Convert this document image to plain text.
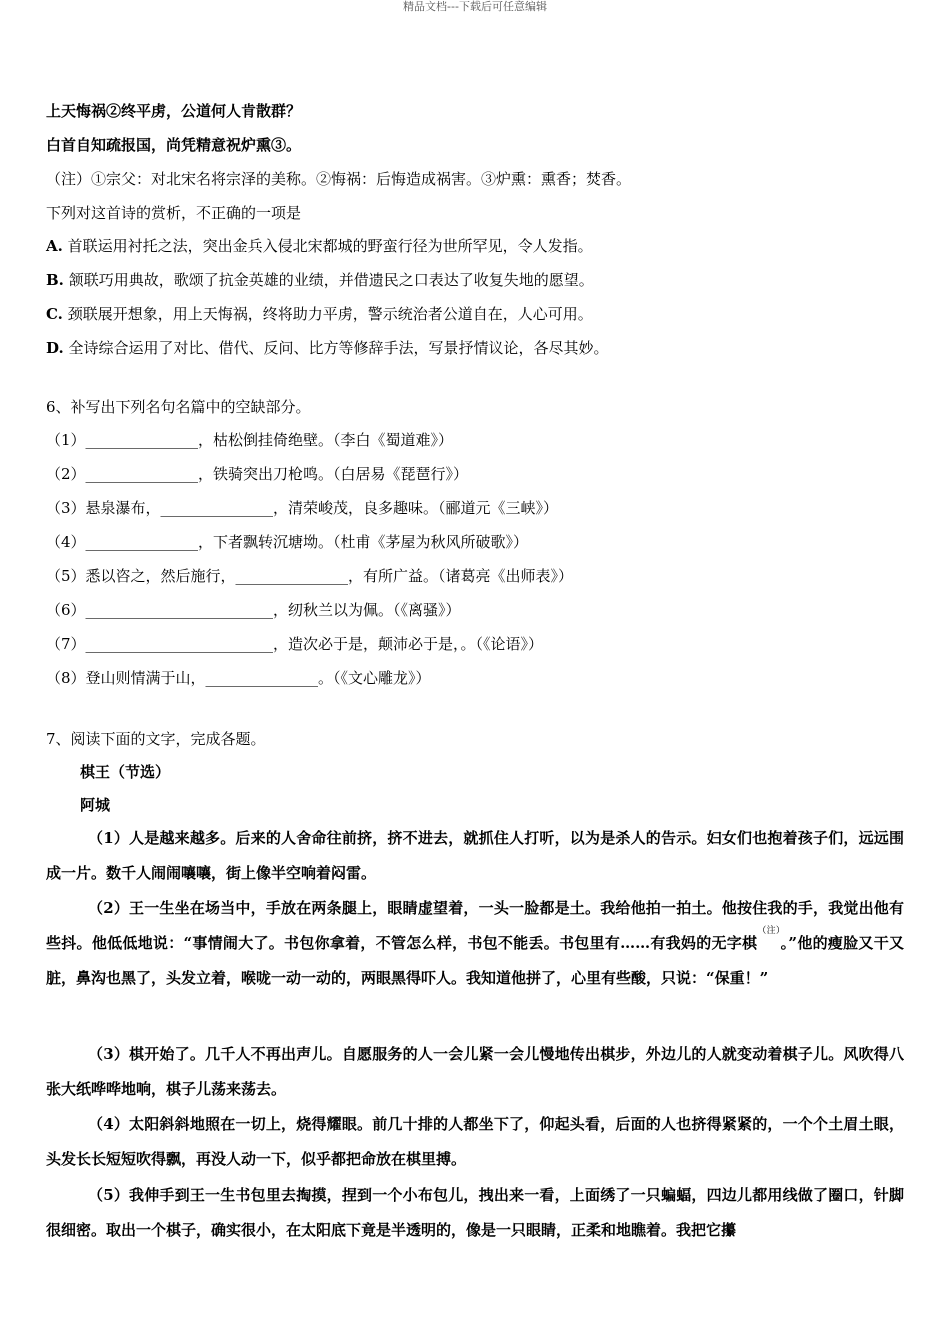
精品文档---下载后可任意编辑
上天悔祸②终平虏，公道何人肯散群？
白首自知疏报国，尚凭精意祝炉熏③。
（注）①宗父：对北宋名将宗泽的美称。②悔祸：后悔造成祸害。③炉熏：熏香；焚香。
下列对这首诗的赏析，不正确的一项是
A. 首联运用衬托之法，突出金兵入侵北宋都城的野蛮行径为世所罕见，令人发指。
B. 颔联巧用典故，歌颂了抗金英雄的业绩，并借遗民之口表达了收复失地的愿望。
C. 颈联展开想象，用上天悔祸，终将助力平虏，警示统治者公道自在，人心可用。
D. 全诗综合运用了对比、借代、反问、比方等修辞手法，写景抒情议论，各尽其妙。
6、补写出下列名句名篇中的空缺部分。
（1）_______________，枯松倒挂倚绝壁。（李白《蜀道难》）
（2）_______________，铁骑突出刀枪鸣。（白居易《琵琶行》）
（3）悬泉瀑布，_______________，清荣峻茂，良多趣味。（郦道元《三峡》）
（4）_______________，下者飘转沉塘坳。（杜甫《茅屋为秋风所破歌》）
（5）悉以咨之，然后施行，_______________，有所广益。（诸葛亮《出师表》）
（6）_________________________，纫秋兰以为佩。（《离骚》）
（7）_________________________，造次必于是，颠沛必于是，。（《论语》）
（8）登山则情满于山，_______________。（《文心雕龙》）
7、阅读下面的文字，完成各题。
棋王（节选）
阿城
（1）人是越来越多。后来的人舍命往前挤，挤不进去，就抓住人打听，以为是杀人的告示。妇女们也抱着孩子们，远远围成一片。数千人闹闹嚷嚷，街上像半空响着闷雷。
（2）王一生坐在场当中，手放在两条腿上，眼睛虚望着，一头一脸都是土。我给他拍一拍土。他按住我的手，我觉出他有些抖。他低低地说：“事情闹大了。书包你拿着，不管怎么样，书包不能丢。书包里有……有我妈的无字棋$^{(注)}$。”他的瘦脸又干又脏，鼻沟也黑了，头发立着，喉咙一动一动的，两眼黑得吓人。我知道他拼了，心里有些酸，只说：“保重！”
（3）棋开始了。几千人不再出声儿。自愿服务的人一会儿紧一会儿慢地传出棋步，外边儿的人就变动着棋子儿。风吹得八张大纸哗哗地响，棋子儿荡来荡去。
（4）太阳斜斜地照在一切上，烧得耀眼。前几十排的人都坐下了，仰起头看，后面的人也挤得紧紧的，一个个土眉土眼，头发长长短短吹得飘，再没人动一下，似乎都把命放在棋里搏。
（5）我伸手到王一生书包里去掏摸，捏到一个小布包儿，拽出来一看，上面绣了一只蝙蝠，四边儿都用线做了圈口，针脚很细密。取出一个棋子，确实很小，在太阳底下竟是半透明的，像是一只眼睛，正柔和地瞧着。我把它攥
